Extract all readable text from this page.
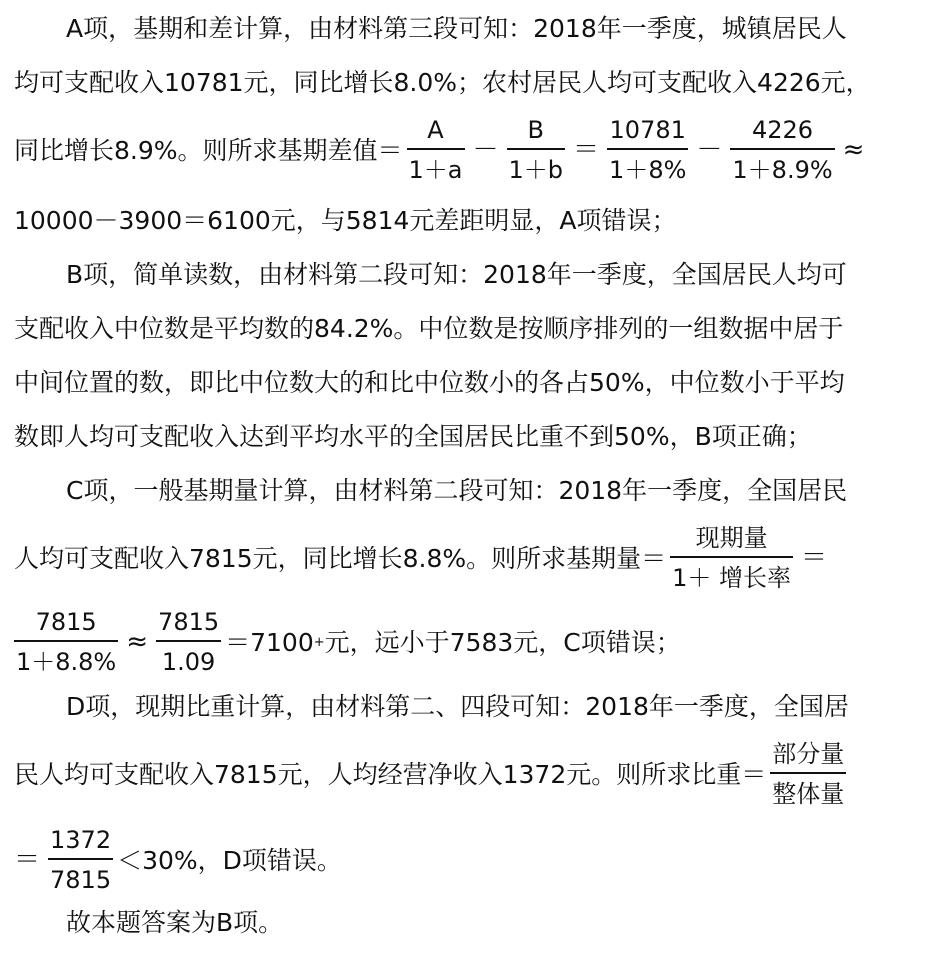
A项，基期和差计算，由材料第三段可知：2018年一季度，城镇居民人
均可支配收入10781元，同比增长8.0%；农村居民人均可支配收入4226元，
同比增长8.9%。则所求基期差值＝ $\frac{A}{1+a} - \frac{B}{1+b} = \frac{10781}{1+8\%} - \frac{4226}{1+8.9\%}$ ≈
10000－3900＝6100元，与5814元差距明显，A项错误；
B项，简单读数，由材料第二段可知：2018年一季度，全国居民人均可
支配收入中位数是平均数的84.2%。中位数是按顺序排列的一组数据中居于
中间位置的数，即比中位数大的和比中位数小的各占50%，中位数小于平均
数即人均可支配收入达到平均水平的全国居民比重不到50%，B项正确；
C项，一般基期量计算，由材料第二段可知：2018年一季度，全国居民
人均可支配收入7815元，同比增长8.8%。则所求基期量＝ $\frac{\text{现期量}}{\text{1＋ 增长率}}$ ＝
$\frac{7815}{1+8.8\%} \approx \frac{7815}{1.09} =7100$ + 元，远小于7583元，C项错误；
D项，现期比重计算，由材料第二、四段可知：2018年一季度，全国居
民人均可支配收入7815元，人均经营净收入1372元。则所求比重＝ $\frac{\text{部分量}}{\text{整体量}}$
＝ $\frac{1372}{7815} <30\%$，D项错误。
故本题答案为B项。
